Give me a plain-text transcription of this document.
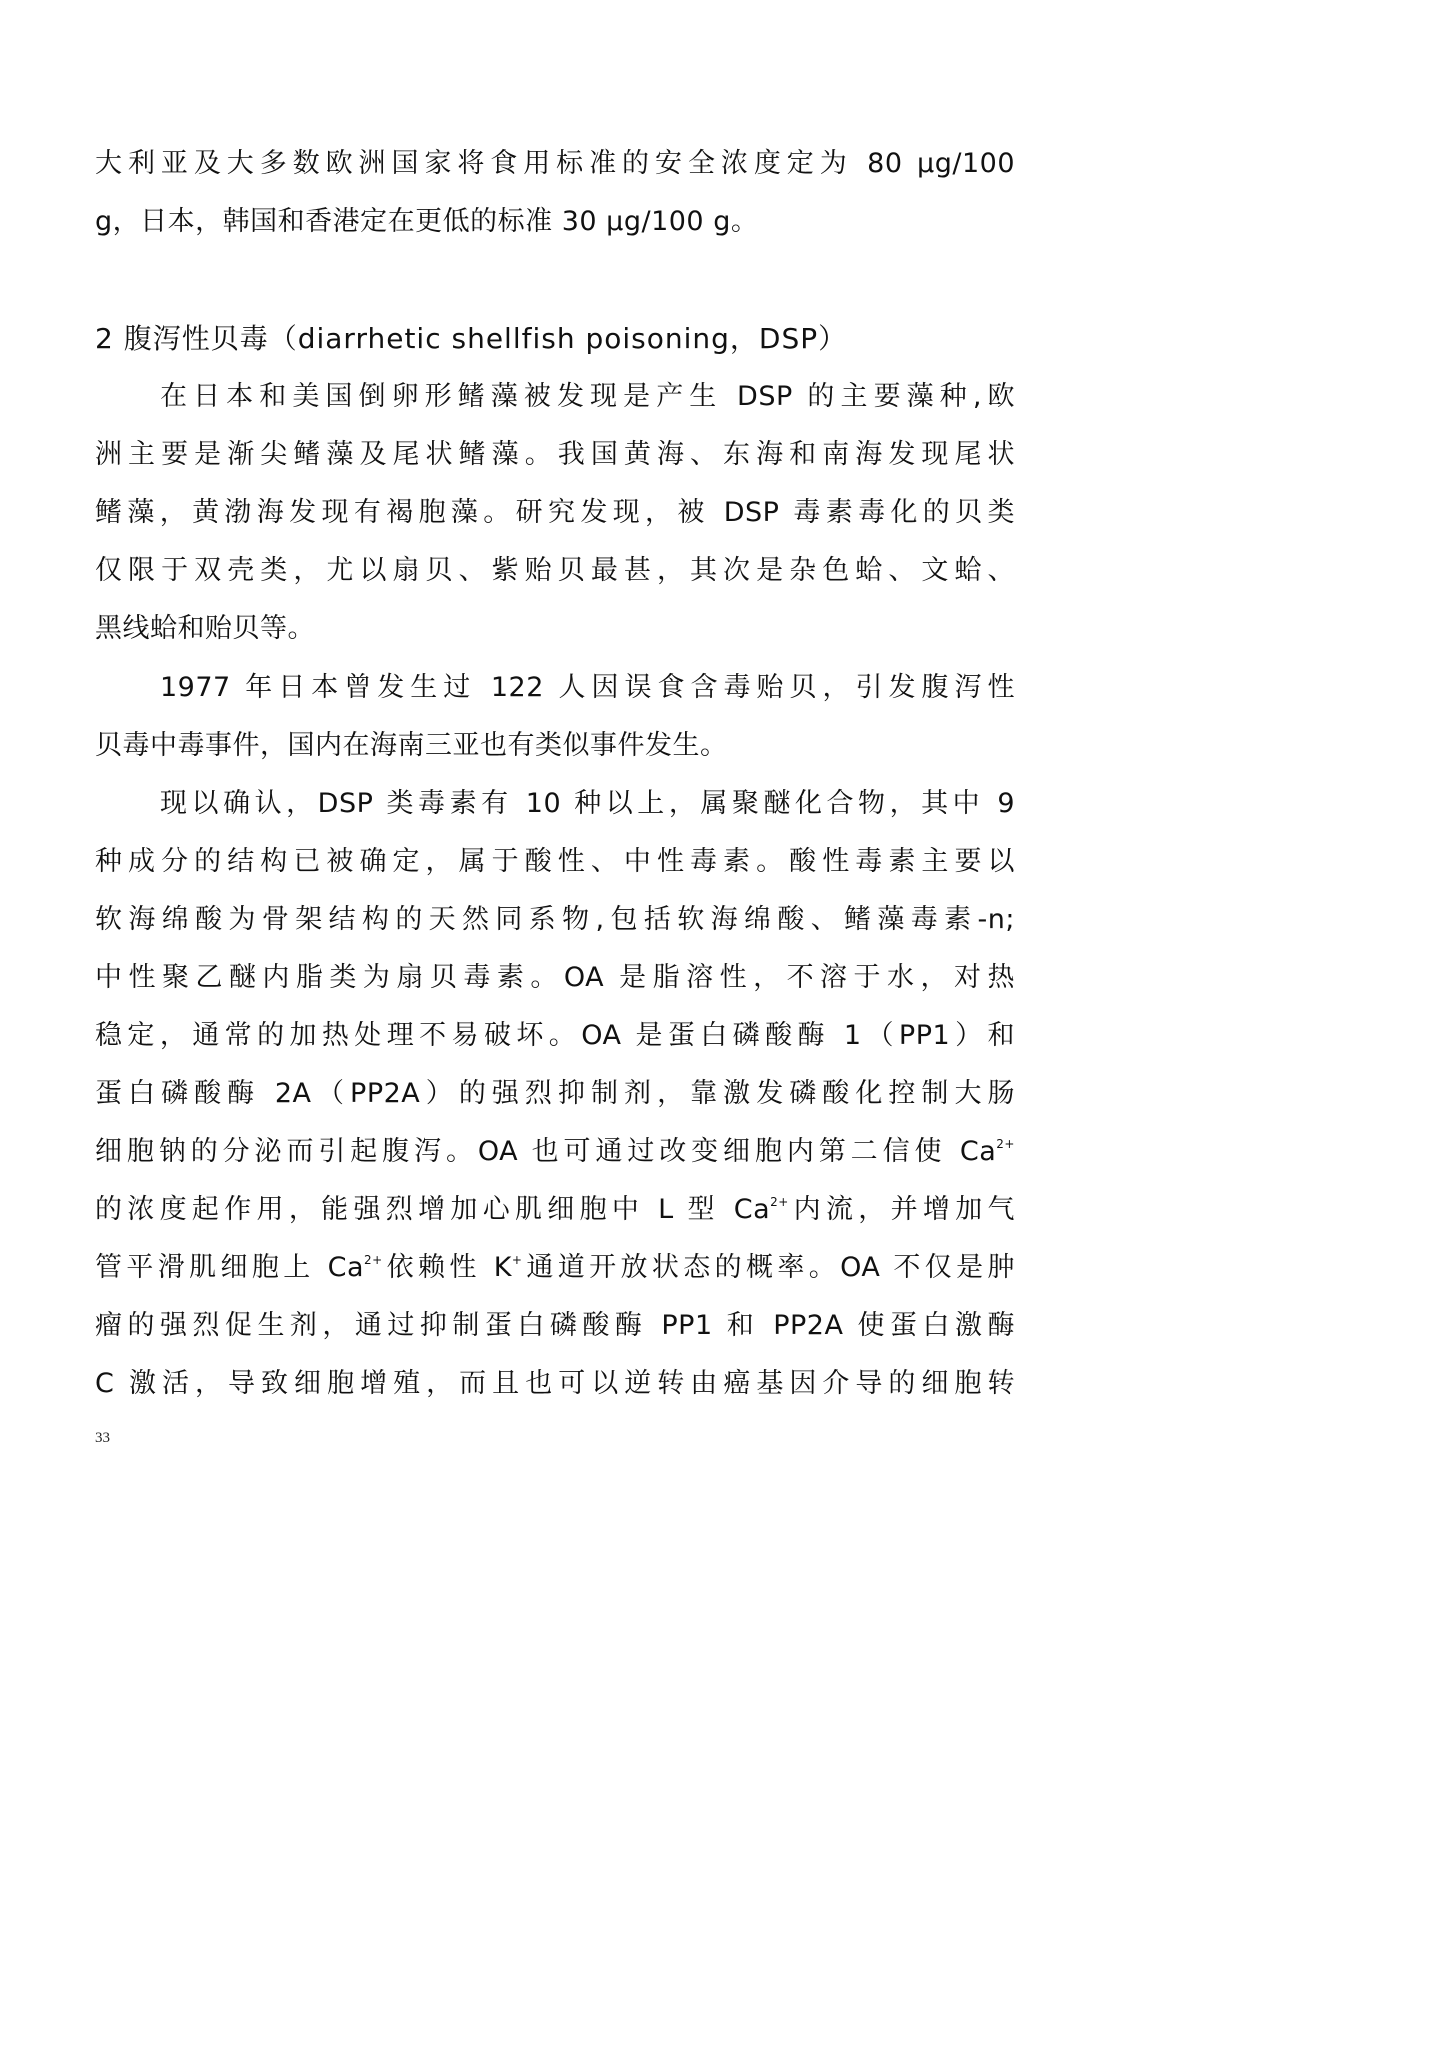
大利亚及大多数欧洲国家将食用标准的安全浓度定为 80 μg/100
g，日本，韩国和香港定在更低的标准 30 μg/100 g。
2 腹泻性贝毒（diarrhetic shellfish poisoning，DSP）
在日本和美国倒卵形鳍藻被发现是产生 DSP 的主要藻种,欧
洲主要是渐尖鳍藻及尾状鳍藻。我国黄海、东海和南海发现尾状
鳍藻，黄渤海发现有褐胞藻。研究发现，被 DSP 毒素毒化的贝类
仅限于双壳类，尤以扇贝、紫贻贝最甚，其次是杂色蛤、文蛤、
黑线蛤和贻贝等。
1977 年日本曾发生过 122 人因误食含毒贻贝，引发腹泻性
贝毒中毒事件，国内在海南三亚也有类似事件发生。
现以确认，DSP 类毒素有 10 种以上，属聚醚化合物，其中 9
种成分的结构已被确定，属于酸性、中性毒素。酸性毒素主要以
软海绵酸为骨架结构的天然同系物,包括软海绵酸、鳍藻毒素-n;
中性聚乙醚内脂类为扇贝毒素。OA 是脂溶性，不溶于水，对热
稳定，通常的加热处理不易破坏。OA 是蛋白磷酸酶 1（PP1）和
蛋白磷酸酶 2A（PP2A）的强烈抑制剂，靠激发磷酸化控制大肠
细胞钠的分泌而引起腹泻。OA 也可通过改变细胞内第二信使 $Ca^{2+}$
的浓度起作用，能强烈增加心肌细胞中 L 型 $Ca^{2+}$内流，并增加气
管平滑肌细胞上 $Ca^{2+}$依赖性 K+通道开放状态的概率。OA 不仅是肿
瘤的强烈促生剂，通过抑制蛋白磷酸酶 PP1 和 PP2A 使蛋白激酶
C 激活，导致细胞增殖，而且也可以逆转由癌基因介导的细胞转
33
